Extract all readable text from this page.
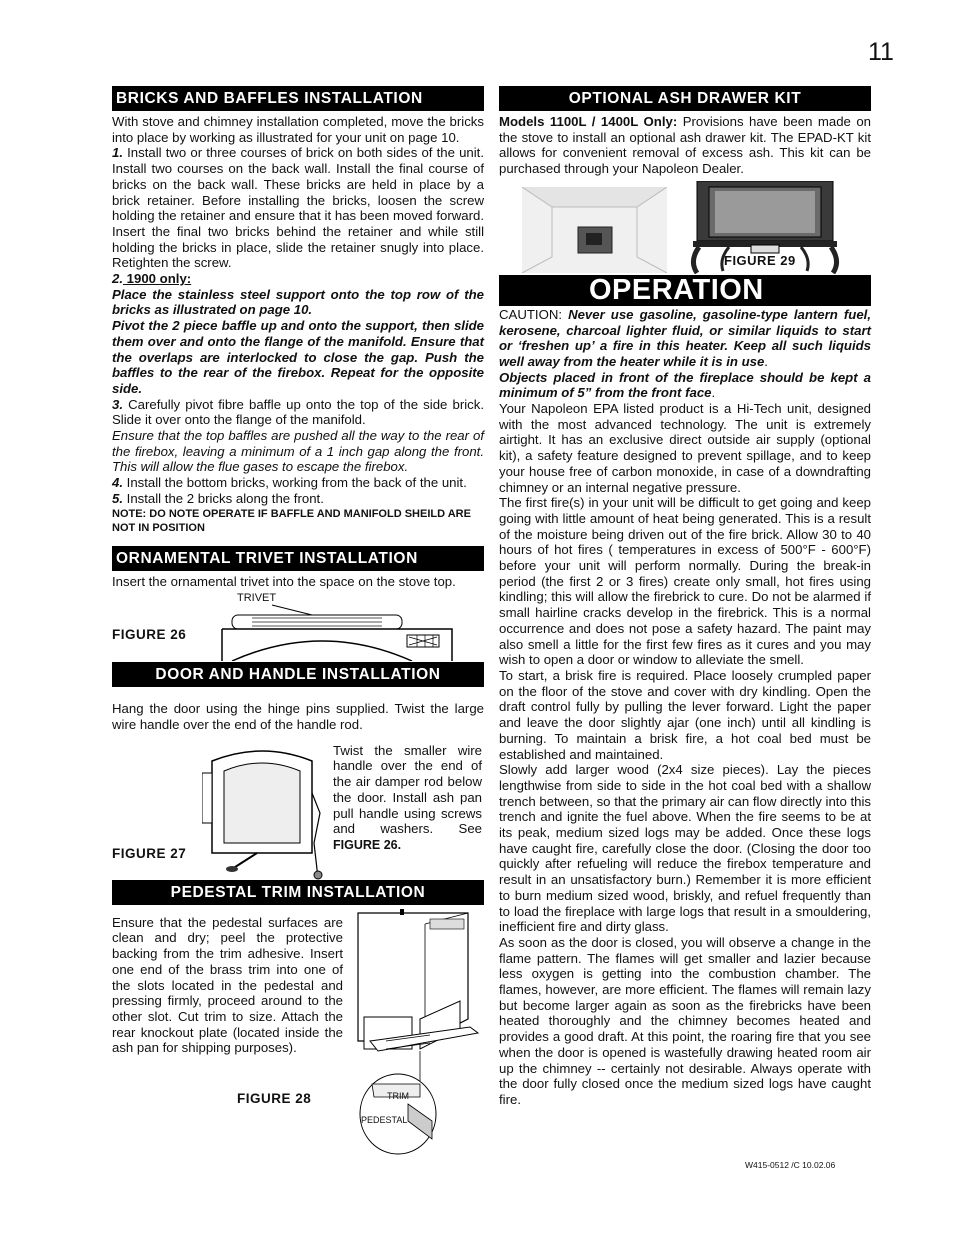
11
BRICKS AND BAFFLES INSTALLATION

With stove and chimney installation completed, move the bricks into place by working as illustrated for your unit on page 10.

1. Install two or three courses of brick on both sides of the unit. Install two courses on the back wall. Install the final course of bricks on the back wall. These bricks are held in place by a brick retainer. Before installing the bricks, loosen the screw holding the retainer and ensure that it has been moved forward. Insert the final two bricks behind the retainer and while still holding the bricks in place, slide the retainer snugly into place. Retighten the screw.

2. 1900 only:

Place the stainless steel support onto the top row of the bricks as illustrated on page 10.

Pivot the 2 piece baffle up and onto the support, then slide them over and onto the flange of the manifold. Ensure that the overlaps are interlocked to close the gap. Push the baffles to the rear of the firebox. Repeat for the opposite side.

3. Carefully pivot fibre baffle up onto the top of the side brick. Slide it over onto the flange of the manifold.

Ensure that the top baffles are pushed all the way to the rear of the firebox, leaving a minimum of a 1 inch gap along the front. This will allow the flue gases to escape the firebox.

4. Install the bottom bricks, working from the back of the unit.

5. Install the 2 bricks along the front.

NOTE: DO NOTE OPERATE IF BAFFLE AND MANIFOLD SHEILD ARE NOT IN POSITION

ORNAMENTAL TRIVET INSTALLATION

Insert the ornamental trivet into the space on the stove top.

TRIVET
FIGURE 26
DOOR AND HANDLE INSTALLATION

Hang the door using the hinge pins supplied. Twist the large wire handle over the end of the handle rod.

Twist the smaller wire handle over the end of the air damper rod below the door. Install ash pan pull handle using screws and washers. See FIGURE 26.

FIGURE 27
PEDESTAL TRIM INSTALLATION

Ensure that the pedestal surfaces are clean and dry; peel the protective backing from the trim adhesive. Insert one end of the brass trim into one of the slots located in the pedestal and pressing firmly, proceed around to the other slot. Cut trim to size. Attach the rear knockout plate (located inside the ash pan for shipping purposes).

TRIM
PEDESTAL
FIGURE 28
OPTIONAL ASH DRAWER KIT

Models 1100L / 1400L Only: Provisions have been made on the stove to install an optional ash drawer kit. The EPAD-KT kit allows for convenient removal of excess ash. This kit can be purchased through your Napoleon Dealer.

FIGURE 29
OPERATION

CAUTION: Never use gasoline, gasoline-type lantern fuel, kerosene, charcoal lighter fluid, or similar liquids to start or ‘freshen up’ a fire in this heater. Keep all such liquids well away from the heater while it is in use.

Objects placed in front of the fireplace should be kept a minimum of 5” from the front face.

Your Napoleon EPA listed product is a Hi-Tech unit, designed with the most advanced technology. The unit is extremely airtight. It has an exclusive direct outside air supply (optional kit), a safety feature designed to prevent spillage, and to keep your house free of carbon monoxide, in case of a downdrafting chimney or an internal negative pressure.

The first fire(s) in your unit will be difficult to get going and keep going with little amount of heat being generated. This is a result of the moisture being driven out of the fire brick. Allow 30 to 40 hours of hot fires ( temperatures in excess of 500°F - 600°F) before your unit will perform normally. During the break-in period (the first 2 or 3 fires) create only small, hot fires using kindling; this will allow the firebrick to cure. Do not be alarmed if small hairline cracks develop in the firebrick. This is a normal occurrence and does not pose a safety hazard. The paint may also smell a little for the first few fires as it cures and you may wish to open a door or window to alleviate the smell.

To start, a brisk fire is required. Place loosely crumpled paper on the floor of the stove and cover with dry kindling. Open the draft control fully by pulling the lever forward. Light the paper and leave the door slightly ajar (one inch) until all kindling is burning. To maintain a brisk fire, a hot coal bed must be established and maintained.

Slowly add larger wood (2x4 size pieces). Lay the pieces lengthwise from side to side in the hot coal bed with a shallow trench between, so that the primary air can flow directly into this trench and ignite the fuel above. When the fire seems to be at its peak, medium sized logs may be added. Once these logs have caught fire, carefully close the door. (Closing the door too quickly after refueling will reduce the firebox temperature and result in an unsatisfactory burn.) Remember it is more efficient to burn medium sized wood, briskly, and refuel frequently than to load the fireplace with large logs that result in a smouldering, inefficient fire and dirty glass.

As soon as the door is closed, you will observe a change in the flame pattern. The flames will get smaller and lazier because less oxygen is getting into the combustion chamber. The flames, however, are more efficient. The flames will remain lazy but become larger again as soon as the firebricks have been heated thoroughly and the chimney becomes heated and provides a good draft. At this point, the roaring fire that you see when the door is opened is wastefully drawing heated room air up the chimney -- certainly not desirable. Always operate with the door fully closed once the medium sized logs have caught fire.

W415-0512 /C 10.02.06
